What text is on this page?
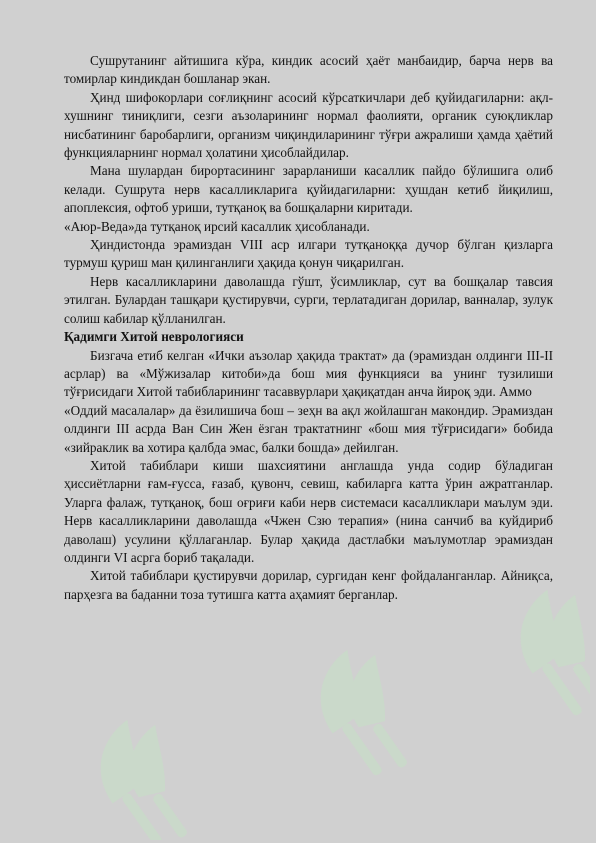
Сушрутанинг айтишига кўра, киндик асосий ҳаёт манбаидир, барча нерв ва томирлар киндикдан бошланар экан.

Ҳинд шифокорлари соғлиқнинг асосий кўрсаткичлари деб қуйидагиларни: ақл-хушнинг тиниқлиги, сезги аъзоларининг нормал фаолияти, органик суюқликлар нисбатининг баробарлиги, организм чиқиндиларининг тўғри ажралиши ҳамда ҳаётий функцияларнинг нормал ҳолатини ҳисоблайдилар.

Мана шулардан бирортасининг зарарланиши касаллик пайдо бўлишига олиб келади. Сушрута нерв касалликларига қуйидагиларни: ҳушдан кетиб йиқилиш, апоплексия, офтоб уриши, тутқаноқ ва бошқаларни киритади.

«Аюр-Веда»да тутқаноқ ирсий касаллик ҳисобланади.

Ҳиндистонда эрамиздан VIII аср илгари тутқаноққа дучор бўлган қизларга турмуш қуриш ман қилинганлиги ҳақида қонун чиқарилган.

Нерв касалликларини даволашда гўшт, ўсимликлар, сут ва бошқалар тавсия этилган. Булардан ташқари қустирувчи, сурги, терлатадиган дорилар, ванналар, зулук солиш кабилар қўлланилган.

Қадимги Хитой неврологияси

Бизгача етиб келган «Ички аъзолар ҳақида трактат» да (эрамиздан олдинги III-II асрлар) ва «Мўжизалар китоби»да бош мия функцияси ва унинг тузилиши тўғрисидаги Хитой табибларининг тасаввурлари ҳақиқатдан анча йироқ эди. Аммо

«Оддий масалалар» да ёзилишича бош – зеҳн ва ақл жойлашган макондир. Эрамиздан олдинги III асрда Ван Син Жен ёзган трактатнинг «бош мия тўғрисидаги» бобида «зийраклик ва хотира қалбда эмас, балки бошда» дейилган.

Хитой табиблари киши шахсиятини англашда унда содир бўладиган ҳиссиётларни ғам-ғусса, ғазаб, қувонч, севиш, кабиларга катта ўрин ажратганлар. Уларга фалаж, тутқаноқ, бош оғриғи каби нерв системаси касалликлари маълум эди. Нерв касалликларини даволашда «Чжен Сзю терапия» (нина санчиб ва куйдириб даволаш) усулини қўллаганлар. Булар ҳақида дастлабки маълумотлар эрамиздан олдинги VI асрга бориб тақалади.

Хитой табиблари қустирувчи дорилар, сургидан кенг фойдаланганлар. Айниқса, парҳезга ва баданни тоза тутишга катта аҳамият берганлар.
